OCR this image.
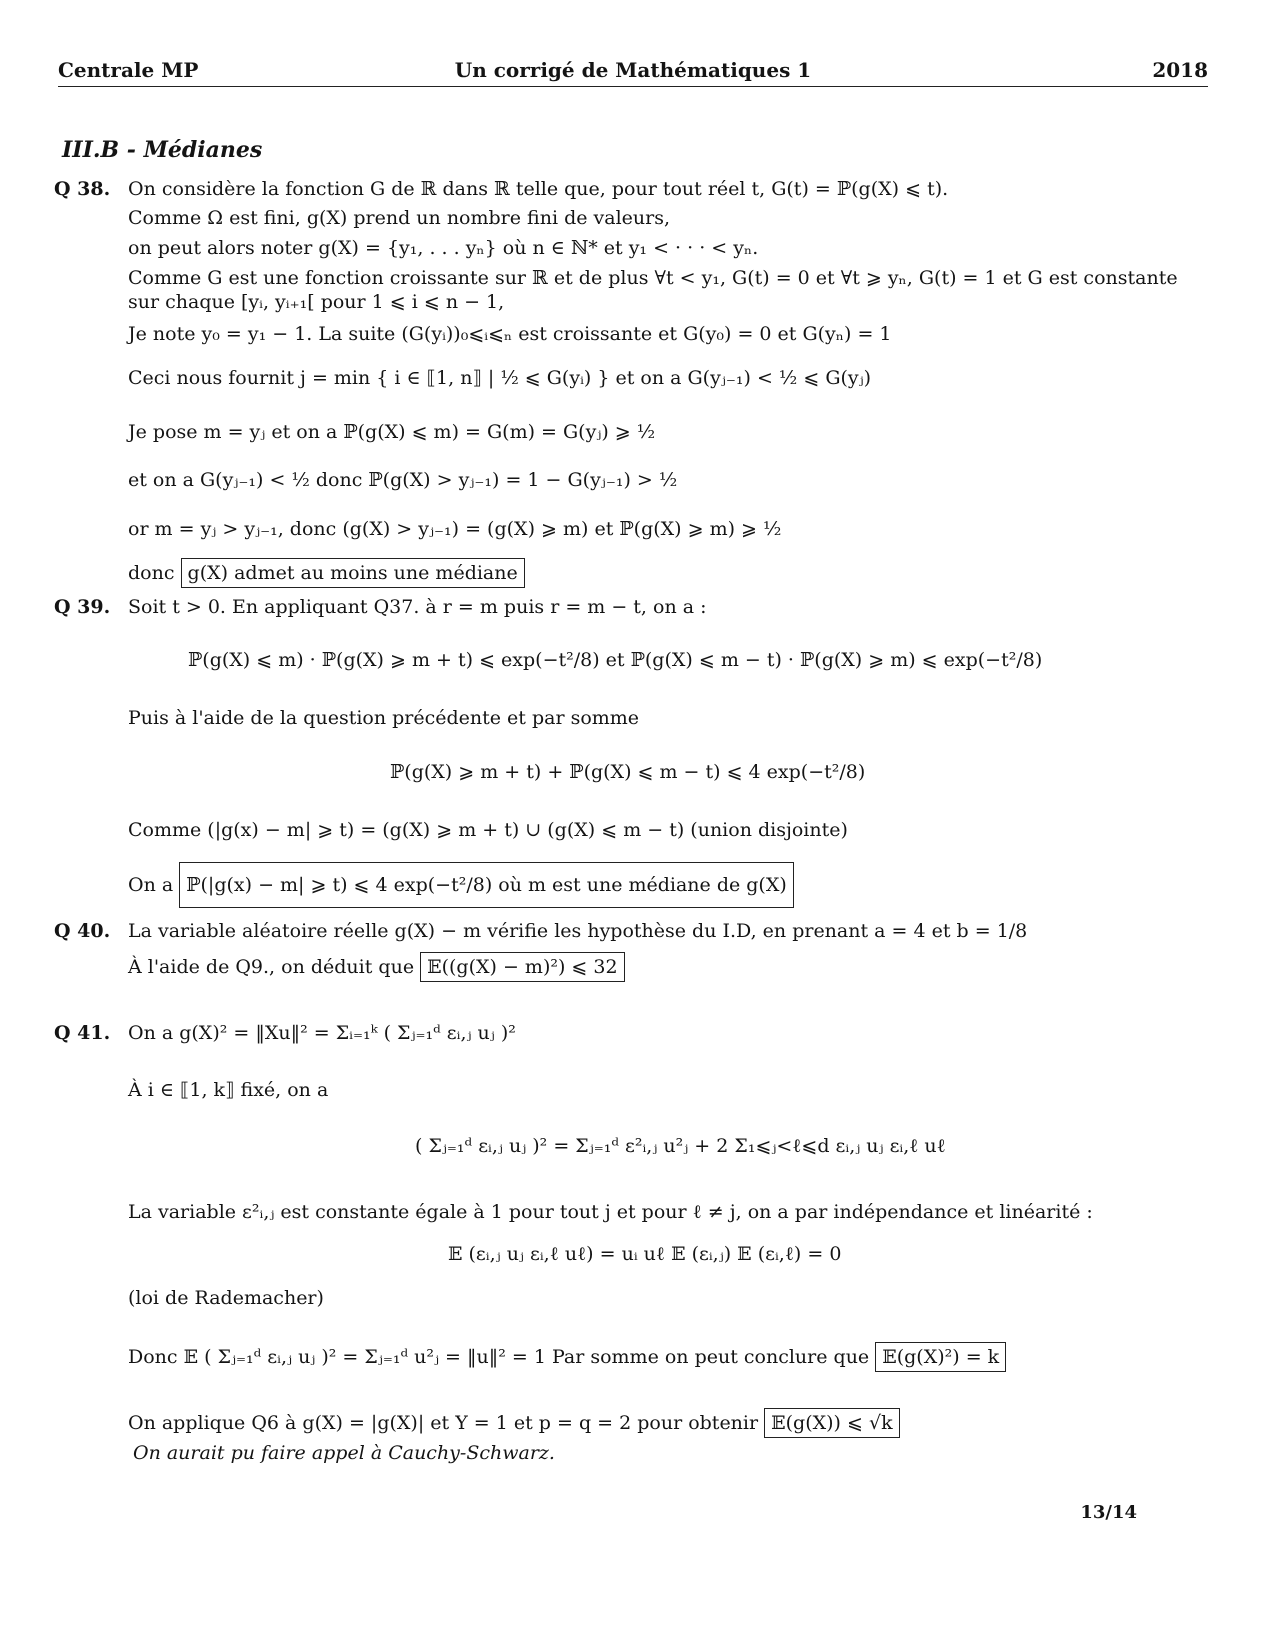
Centrale MP	Un corrigé de Mathématiques 1	2018
III.B - Médianes
Q 38. On considère la fonction G de ℝ dans ℝ telle que, pour tout réel t, G(t) = ℙ(g(X) ⩽ t).
Comme Ω est fini, g(X) prend un nombre fini de valeurs,
on peut alors noter g(X) = {y₁, . . . yₙ} où n ∈ ℕ* et y₁ < · · · < yₙ.
Comme G est une fonction croissante sur ℝ et de plus ∀t < y₁, G(t) = 0 et ∀t ⩾ yₙ, G(t) = 1 et G est constante sur chaque [yᵢ, yᵢ₊₁[ pour 1 ⩽ i ⩽ n − 1,
Je note y₀ = y₁ − 1. La suite (G(yᵢ))₀⩽ᵢ⩽ₙ est croissante et G(y₀) = 0 et G(yₙ) = 1
Ceci nous fournit j = min { i ∈ ⟦1, n⟧ | ½ ⩽ G(yᵢ) } et on a G(yⱼ₋₁) < ½ ⩽ G(yⱼ)
Je pose m = yⱼ et on a ℙ(g(X) ⩽ m) = G(m) = G(yⱼ) ⩾ ½
et on a G(yⱼ₋₁) < ½ donc ℙ(g(X) > yⱼ₋₁) = 1 − G(yⱼ₋₁) > ½
or m = yⱼ > yⱼ₋₁, donc (g(X) > yⱼ₋₁) = (g(X) ⩾ m) et ℙ(g(X) ⩾ m) ⩾ ½
donc g(X) admet au moins une médiane
Q 39. Soit t > 0. En appliquant Q37. à r = m puis r = m − t, on a :
ℙ(g(X) ⩽ m) · ℙ(g(X) ⩾ m + t) ⩽ exp(−t²/8) et ℙ(g(X) ⩽ m − t) · ℙ(g(X) ⩾ m) ⩽ exp(−t²/8)
Puis à l'aide de la question précédente et par somme
ℙ(g(X) ⩾ m + t) + ℙ(g(X) ⩽ m − t) ⩽ 4 exp(−t²/8)
Comme (|g(x) − m| ⩾ t) = (g(X) ⩾ m + t) ∪ (g(X) ⩽ m − t) (union disjointe)
On a ℙ(|g(x) − m| ⩾ t) ⩽ 4 exp(−t²/8) où m est une médiane de g(X)
Q 40. La variable aléatoire réelle g(X) − m vérifie les hypothèse du I.D, en prenant a = 4 et b = 1/8
À l'aide de Q9., on déduit que 𝔼((g(X) − m)²) ⩽ 32
Q 41. On a g(X)² = ‖Xu‖² = Σᵢ₌₁ᵏ ( Σⱼ₌₁ᵈ εᵢ,ⱼ uⱼ )²
À i ∈ ⟦1, k⟧ fixé, on a
( Σⱼ₌₁ᵈ εᵢ,ⱼ uⱼ )² = Σⱼ₌₁ᵈ ε²ᵢ,ⱼ u²ⱼ + 2 Σ₁⩽ⱼ<ℓ⩽d εᵢ,ⱼ uⱼ εᵢ,ℓ uℓ
La variable ε²ᵢ,ⱼ est constante égale à 1 pour tout j et pour ℓ ≠ j, on a par indépendance et linéarité :
𝔼 (εᵢ,ⱼ uⱼ εᵢ,ℓ uℓ) = uᵢ uℓ 𝔼 (εᵢ,ⱼ) 𝔼 (εᵢ,ℓ) = 0
(loi de Rademacher)
Donc 𝔼 ( Σⱼ₌₁ᵈ εᵢ,ⱼ uⱼ )² = Σⱼ₌₁ᵈ u²ⱼ = ‖u‖² = 1 Par somme on peut conclure que 𝔼(g(X)²) = k
On applique Q6 à g(X) = |g(X)| et Y = 1 et p = q = 2 pour obtenir 𝔼(g(X)) ⩽ √k
On aurait pu faire appel à Cauchy-Schwarz.
13/14
